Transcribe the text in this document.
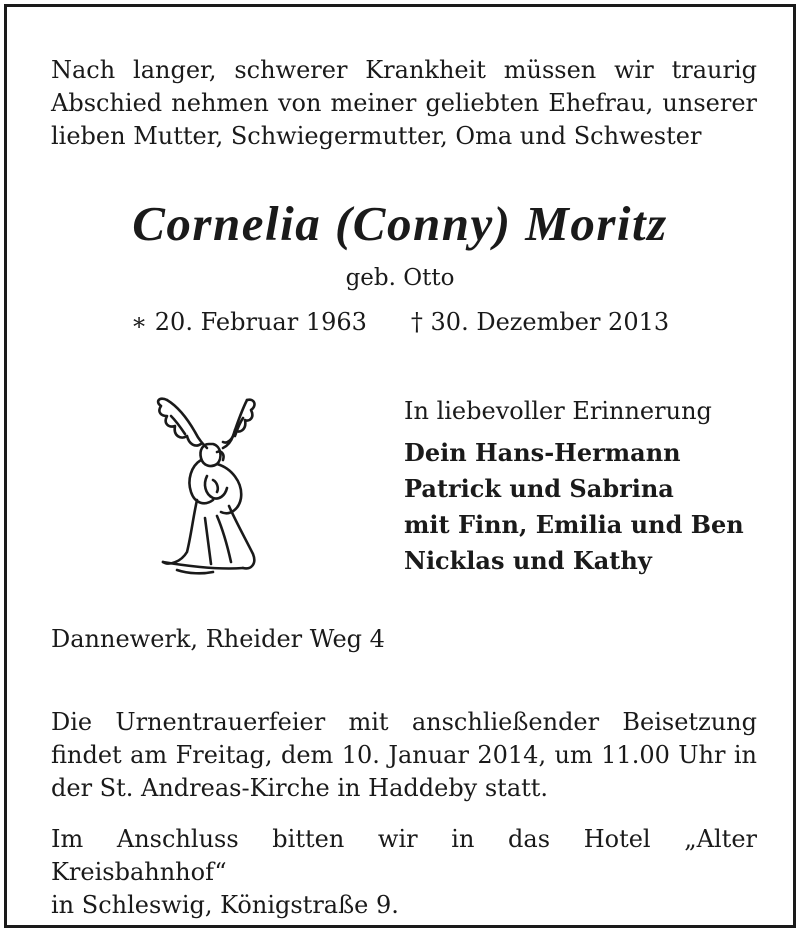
Nach langer, schwerer Krankheit müssen wir traurig
Abschied nehmen von meiner geliebten Ehefrau, unserer
lieben Mutter, Schwiegermutter, Oma und Schwester

Cornelia (Conny) Moritz

geb. Otto

∗ 20. Februar 1963 † 30. Dezember 2013

In liebevoller Erinnerung

Dein Hans-Hermann
Patrick und Sabrina
mit Finn, Emilia und Ben
Nicklas und Kathy

Dannewerk, Rheider Weg 4

Die Urnentrauerfeier mit anschließender Beisetzung
findet am Freitag, dem 10. Januar 2014, um 11.00 Uhr in
der St. Andreas-Kirche in Haddeby statt.

Im Anschluss bitten wir in das Hotel „Alter Kreisbahnhof“
in Schleswig, Königstraße 9.
